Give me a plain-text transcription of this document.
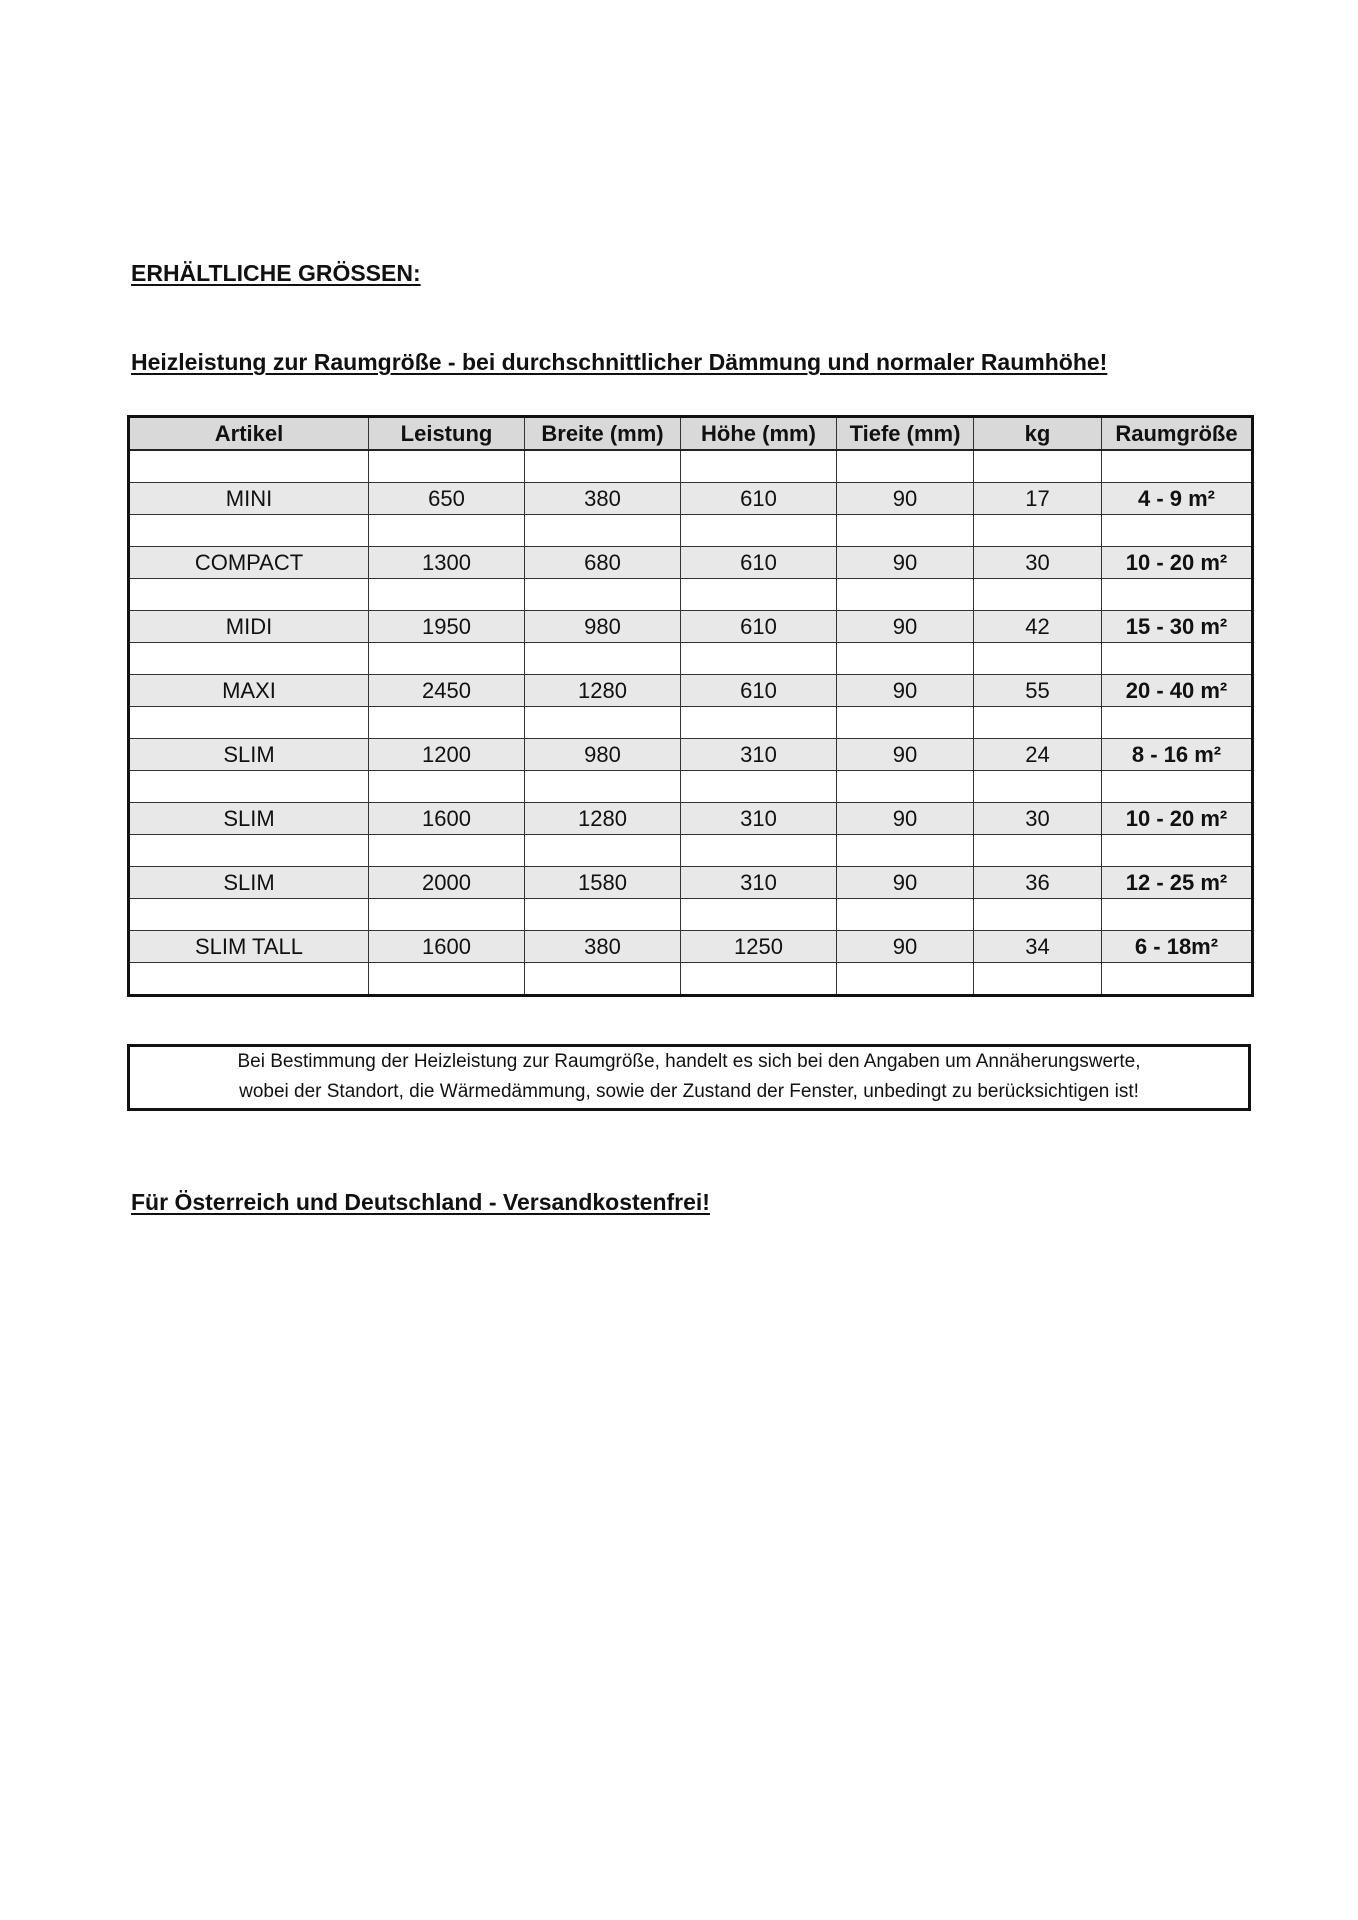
ERHÄLTLICHE GRÖSSEN:
Heizleistung zur Raumgröße - bei durchschnittlicher Dämmung und normaler Raumhöhe!
Artikel	Leistung	Breite (mm)	Höhe (mm)	Tiefe (mm)	kg	Raumgröße

MINI	650	380	610	90	17	4 - 9 m²

COMPACT	1300	680	610	90	30	10 - 20 m²

MIDI	1950	980	610	90	42	15 - 30 m²

MAXI	2450	1280	610	90	55	20 - 40 m²

SLIM	1200	980	310	90	24	8 - 16 m²

SLIM	1600	1280	310	90	30	10 - 20 m²

SLIM	2000	1580	310	90	36	12 - 25 m²

SLIM TALL	1600	380	1250	90	34	6 - 18m²

Bei Bestimmung der Heizleistung zur Raumgröße, handelt es sich bei den Angaben um Annäherungswerte,
wobei der Standort, die Wärmedämmung, sowie der Zustand der Fenster, unbedingt zu berücksichtigen ist!
Für Österreich und Deutschland - Versandkostenfrei!
